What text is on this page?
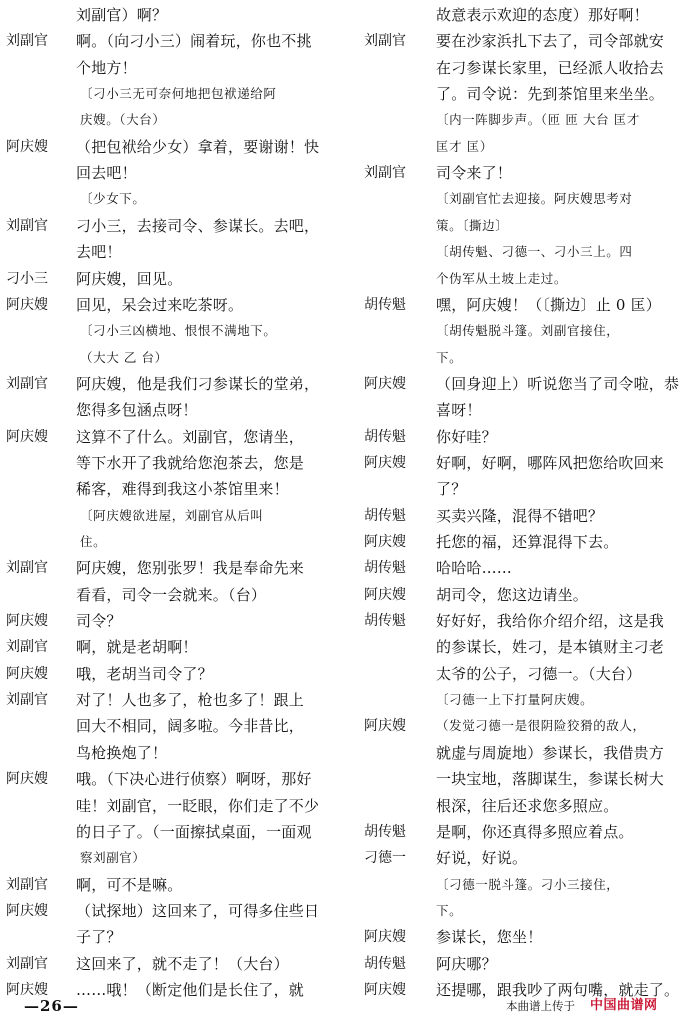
刘副官）啊？
刘副官 啊。（向刁小三）闹着玩，你也不挑
个地方！
〔刁小三无可奈何地把包袱递给阿
庆嫂。（大台）
阿庆嫂 （把包袱给少女）拿着，要谢谢！快
回去吧！
〔少女下。
刘副官 刁小三，去接司令、参谋长。去吧，
去吧！
刁小三 阿庆嫂，回见。
阿庆嫂 回见，呆会过来吃茶呀。
〔刁小三凶横地、恨恨不满地下。
（大大 乙 台）
刘副官 阿庆嫂，他是我们刁参谋长的堂弟，
您得多包涵点呀！
阿庆嫂 这算不了什么。刘副官，您请坐，
等下水开了我就给您泡茶去，您是
稀客，难得到我这小茶馆里来！
〔阿庆嫂欲进屋，刘副官从后叫
住。
刘副官 阿庆嫂，您别张罗！我是奉命先来
看看，司令一会就来。（台）
阿庆嫂 司令？
刘副官 啊，就是老胡啊！
阿庆嫂 哦，老胡当司令了？
刘副官 对了！人也多了，枪也多了！跟上
回大不相同，阔多啦。今非昔比，
鸟枪换炮了！
阿庆嫂 哦。（下决心进行侦察）啊呀，那好
哇！刘副官，一眨眼，你们走了不少
的日子了。（一面擦拭桌面，一面观
察刘副官）
刘副官 啊，可不是嘛。
阿庆嫂 （试探地）这回来了，可得多住些日
子了？
刘副官 这回来了，就不走了！（大台）
阿庆嫂 ……哦！（断定他们是长住了，就
故意表示欢迎的态度）那好啊！
刘副官 要在沙家浜扎下去了，司令部就安
在刁参谋长家里，已经派人收拾去
了。司令说：先到茶馆里来坐坐。
〔内一阵脚步声。（匝 匝 大台 匡才
匡才 匡）
刘副官 司令来了！
〔刘副官忙去迎接。阿庆嫂思考对
策。〔撕边〕
〔胡传魁、刁德一、刁小三上。四
个伪军从土坡上走过。
胡传魁 嘿，阿庆嫂！（〔撕边〕止 0 匡）
〔胡传魁脱斗篷。刘副官接住，
下。
阿庆嫂 （回身迎上）听说您当了司令啦，恭
喜呀！
胡传魁 你好哇？
阿庆嫂 好啊，好啊，哪阵风把您给吹回来
了？
胡传魁 买卖兴隆，混得不错吧？
阿庆嫂 托您的福，还算混得下去。
胡传魁 哈哈哈……
阿庆嫂 胡司令，您这边请坐。
胡传魁 好好好，我给你介绍介绍，这是我
的参谋长，姓刁，是本镇财主刁老
太爷的公子，刁德一。（大台）
〔刁德一上下打量阿庆嫂。
阿庆嫂 （发觉刁德一是很阴险狡猾的敌人，
就虚与周旋地）参谋长，我借贵方
一块宝地，落脚谋生，参谋长树大
根深，往后还求您多照应。
胡传魁 是啊，你还真得多照应着点。
刁德一 好说，好说。
〔刁德一脱斗篷。刁小三接住，
下。
阿庆嫂 参谋长，您坐！
胡传魁 阿庆哪？
阿庆嫂 还提哪，跟我吵了两句嘴，就走了。
—26—	本曲谱上传于 中国曲谱网
